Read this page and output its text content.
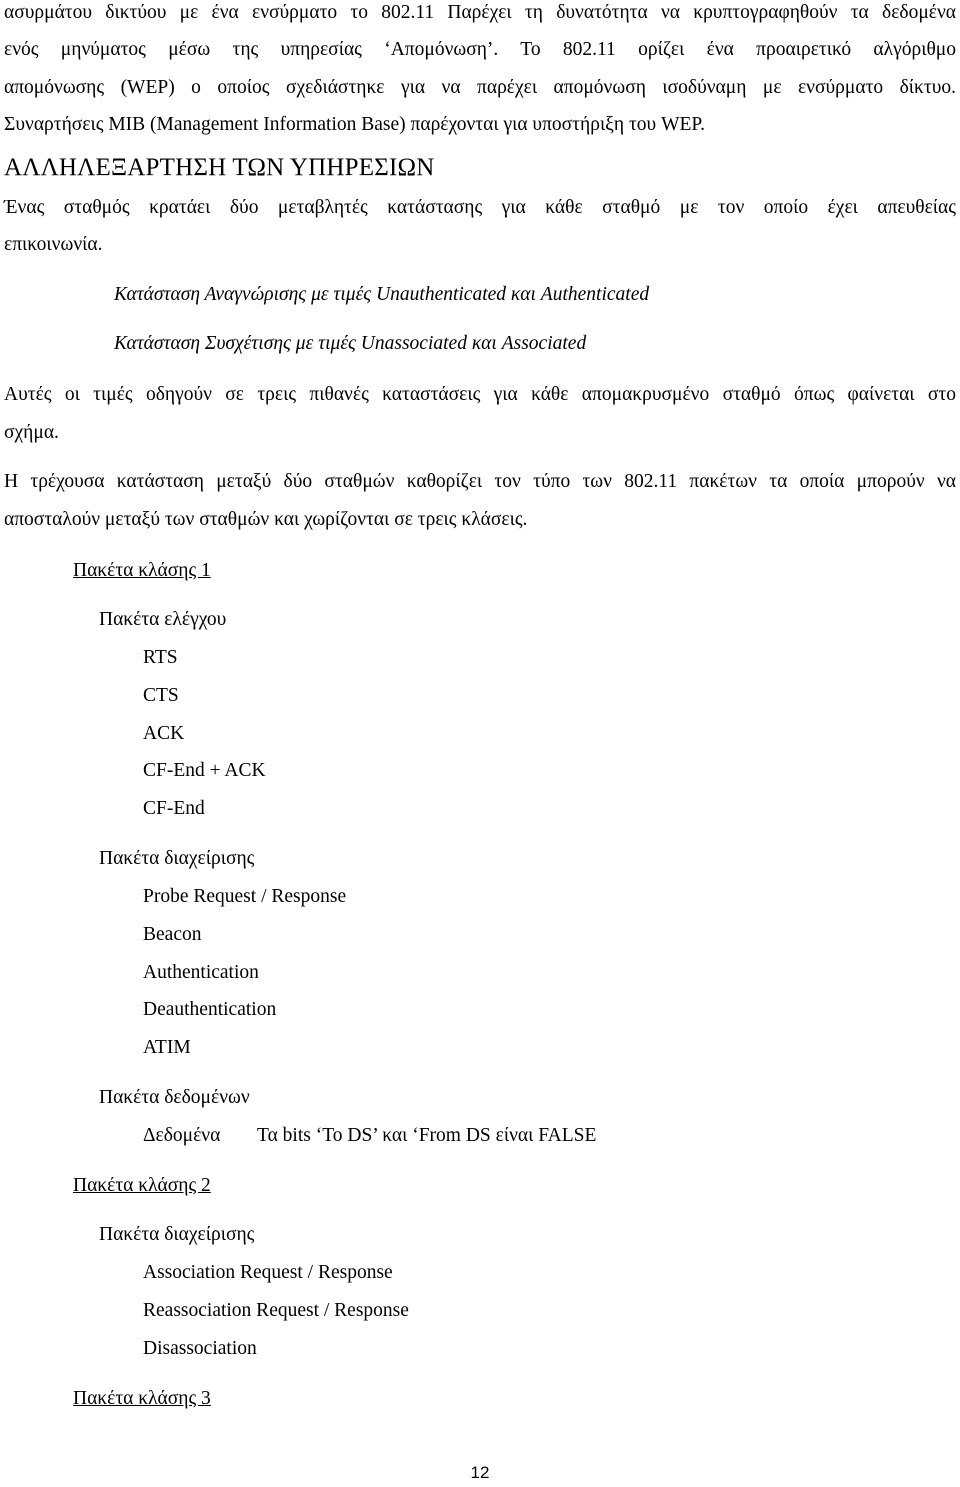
ασυρμάτου δικτύου με ένα ενσύρματο το 802.11 Παρέχει τη δυνατότητα να κρυπτογραφηθούν τα δεδομένα
ενός μηνύματος μέσω της υπηρεσίας ‘Απομόνωση’. Το 802.11 ορίζει ένα προαιρετικό αλγόριθμο
απομόνωσης (WEP) ο οποίος σχεδιάστηκε για να παρέχει απομόνωση ισοδύναμη με ενσύρματο δίκτυο.
Συναρτήσεις MIB (Management Information Base) παρέχονται για υποστήριξη του WEP.
ΑΛΛΗΛΕΞΑΡΤΗΣΗ ΤΩΝ ΥΠΗΡΕΣΙΩΝ
Ένας σταθμός κρατάει δύο μεταβλητές κατάστασης για κάθε σταθμό με τον οποίο έχει απευθείας
επικοινωνία.
Κατάσταση Αναγνώρισης με τιμές Unauthenticated και Authenticated
Κατάσταση Συσχέτισης με τιμές Unassociated και Associated
Αυτές οι τιμές οδηγούν σε τρεις πιθανές καταστάσεις για κάθε απομακρυσμένο σταθμό όπως φαίνεται στο
σχήμα.
Η τρέχουσα κατάσταση μεταξύ δύο σταθμών καθορίζει τον τύπο των 802.11 πακέτων τα οποία μπορούν να
αποσταλούν μεταξύ των σταθμών και χωρίζονται σε τρεις κλάσεις.
Πακέτα κλάσης 1
Πακέτα ελέγχου
RTS
CTS
ACK
CF-End + ACK
CF-End
Πακέτα διαχείρισης
Probe Request / Response
Beacon
Authentication
Deauthentication
ATIM
Πακέτα δεδομένων
Δεδομένα Τα bits ‘To DS’ και ‘From DS είναι FALSE
Πακέτα κλάσης 2
Πακέτα διαχείρισης
Association Request / Response
Reassociation Request / Response
Disassociation
Πακέτα κλάσης 3
12
